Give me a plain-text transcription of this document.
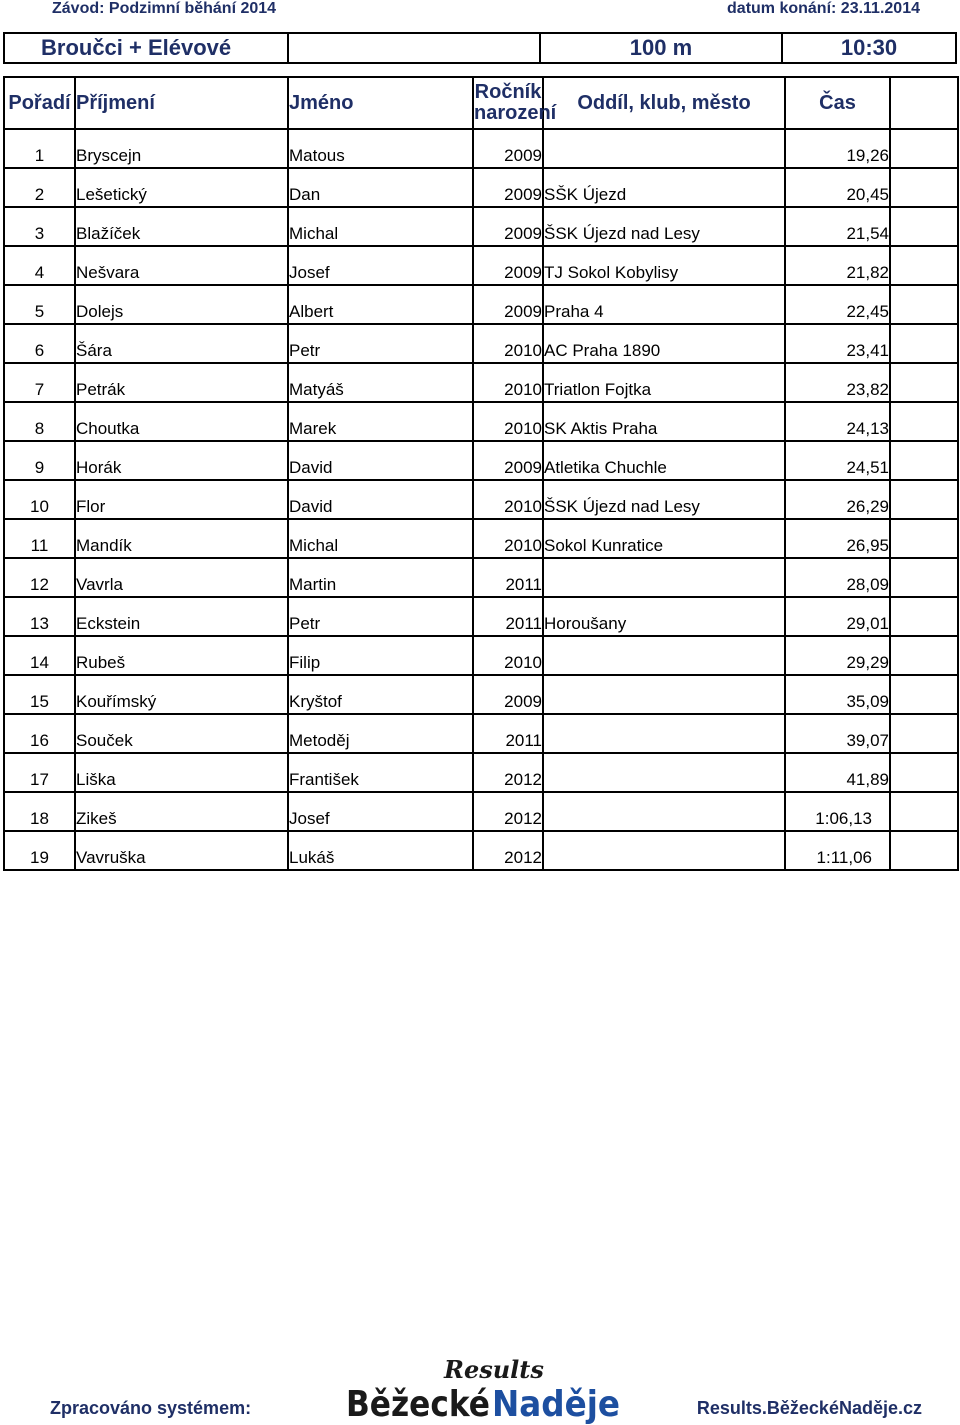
Závod: Podzimní běhání 2014	datum konání: 23.11.2014
Broučci + Elévové	100 m	10:30
Pořadí	Příjmení	Jméno	Ročník
narození	Oddíl, klub, město	Čas	
1	Bryscejn	Matous	2009		19,26	
2	Lešetický	Dan	2009	SŠK Újezd	20,45	
3	Blažíček	Michal	2009	ŠSK Újezd nad Lesy	21,54	
4	Nešvara	Josef	2009	TJ Sokol Kobylisy	21,82	
5	Dolejs	Albert	2009	Praha 4	22,45	
6	Šára	Petr	2010	AC Praha 1890	23,41	
7	Petrák	Matyáš	2010	Triatlon Fojtka	23,82	
8	Choutka	Marek	2010	SK Aktis Praha	24,13	
9	Horák	David	2009	Atletika Chuchle	24,51	
10	Flor	David	2010	ŠSK Újezd nad Lesy	26,29	
11	Mandík	Michal	2010	Sokol Kunratice	26,95	
12	Vavrla	Martin	2011		28,09	
13	Eckstein	Petr	2011	Horoušany	29,01	
14	Rubeš	Filip	2010		29,29	
15	Kouřímský	Kryštof	2009		35,09	
16	Souček	Metoděj	2011		39,07	
17	Liška	František	2012		41,89	
18	Zikeš	Josef	2012		1:06,13	
19	Vavruška	Lukáš	2012		1:11,06	
Zpracováno systémem:
Results
Běžecké Naděje	Results.BěžeckéNaděje.cz
